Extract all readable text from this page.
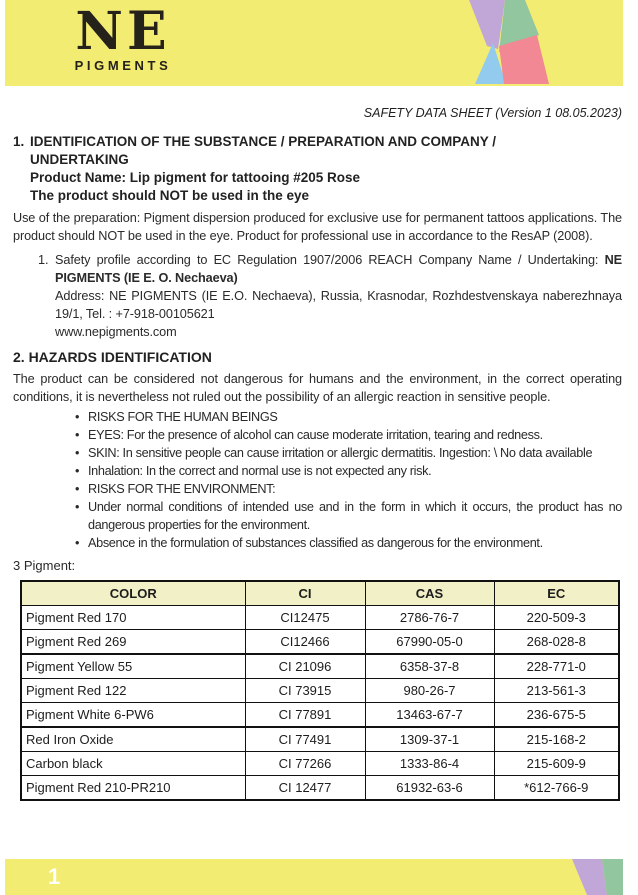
NE
PIGMENTS
SAFETY DATA SHEET (Version 1 08.05.2023)
1. IDENTIFICATION OF THE SUBSTANCE / PREPARATION AND COMPANY /
UNDERTAKING
Product Name: Lip pigment for tattooing #205 Rose
The product should NOT be used in the eye
Use of the preparation: Pigment dispersion produced for exclusive use for permanent tattoos applications. The product should NOT be used in the eye. Product for professional use in accordance to the ResAP (2008).
1. Safety profile according to EC Regulation 1907/2006 REACH Company Name / Undertaking: NE PIGMENTS (IE E. O. Nechaeva)
Address: NE PIGMENTS (IE E.O. Nechaeva), Russia, Krasnodar, Rozhdestvenskaya naberezhnaya 19/1, Tel. : +7-918-00105621
www.nepigments.com
2. HAZARDS IDENTIFICATION
The product can be considered not dangerous for humans and the environment, in the correct operating conditions, it is nevertheless not ruled out the possibility of an allergic reaction in sensitive people.
• RISKS FOR THE HUMAN BEINGS
• EYES: For the presence of alcohol can cause moderate irritation, tearing and redness.
• SKIN: In sensitive people can cause irritation or allergic dermatitis. Ingestion: \ No data available
• Inhalation: In the correct and normal use is not expected any risk.
• RISKS FOR THE ENVIRONMENT:
• Under normal conditions of intended use and in the form in which it occurs, the product has no dangerous properties for the environment.
• Absence in the formulation of substances classified as dangerous for the environment.
3 Pigment:
COLOR	CI	CAS	EC
Pigment Red 170	CI12475	2786-76-7	220-509-3
Pigment Red 269	CI12466	67990-05-0	268-028-8
Pigment Yellow 55	CI 21096	6358-37-8	228-771-0
Pigment Red 122	CI 73915	980-26-7	213-561-3
Pigment White 6-PW6	CI 77891	13463-67-7	236-675-5
Red Iron Oxide	CI 77491	1309-37-1	215-168-2
Carbon black	CI 77266	1333-86-4	215-609-9
Pigment Red 210-PR210	CI 12477	61932-63-6	*612-766-9
1
